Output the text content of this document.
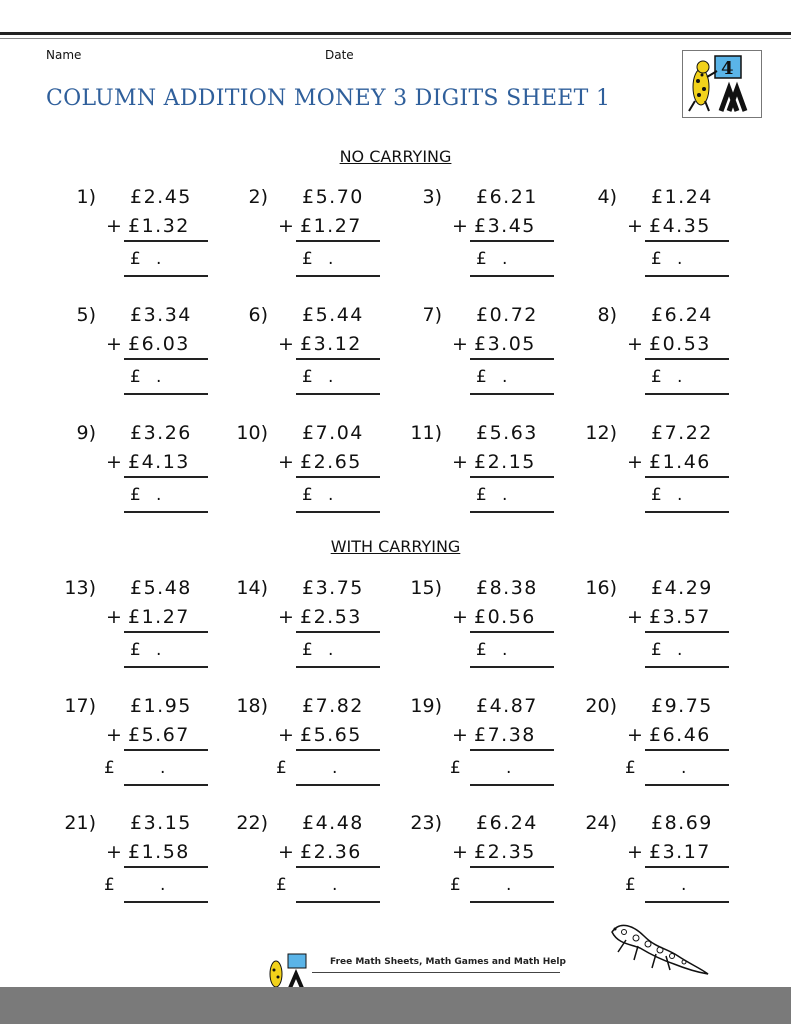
Name	Date
COLUMN ADDITION MONEY 3 DIGITS SHEET 1
4
NO CARRYING
WITH CARRYING
1) £2.45
+ £1.32
£ .
2) £5.70
+ £1.27
£ .
3) £6.21
+ £3.45
£ .
4) £1.24
+ £4.35
£ .
5) £3.34
+ £6.03
£ .
6) £5.44
+ £3.12
£ .
7) £0.72
+ £3.05
£ .
8) £6.24
+ £0.53
£ .
9) £3.26
+ £4.13
£ .
10) £7.04
+ £2.65
£ .
11) £5.63
+ £2.15
£ .
12) £7.22
+ £1.46
£ .
13) £5.48
+ £1.27
£ .
14) £3.75
+ £2.53
£ .
15) £8.38
+ £0.56
£ .
16) £4.29
+ £3.57
£ .
17) £1.95
+ £5.67
£	.
18) £7.82
+ £5.65
£	.
19) £4.87
+ £7.38
£	.
20) £9.75
+ £6.46
£	.
21) £3.15
+ £1.58
£	.
22) £4.48
+ £2.36
£	.
23) £6.24
+ £2.35
£	.
24) £8.69
+ £3.17
£	.
Free Math Sheets, Math Games and Math Help
